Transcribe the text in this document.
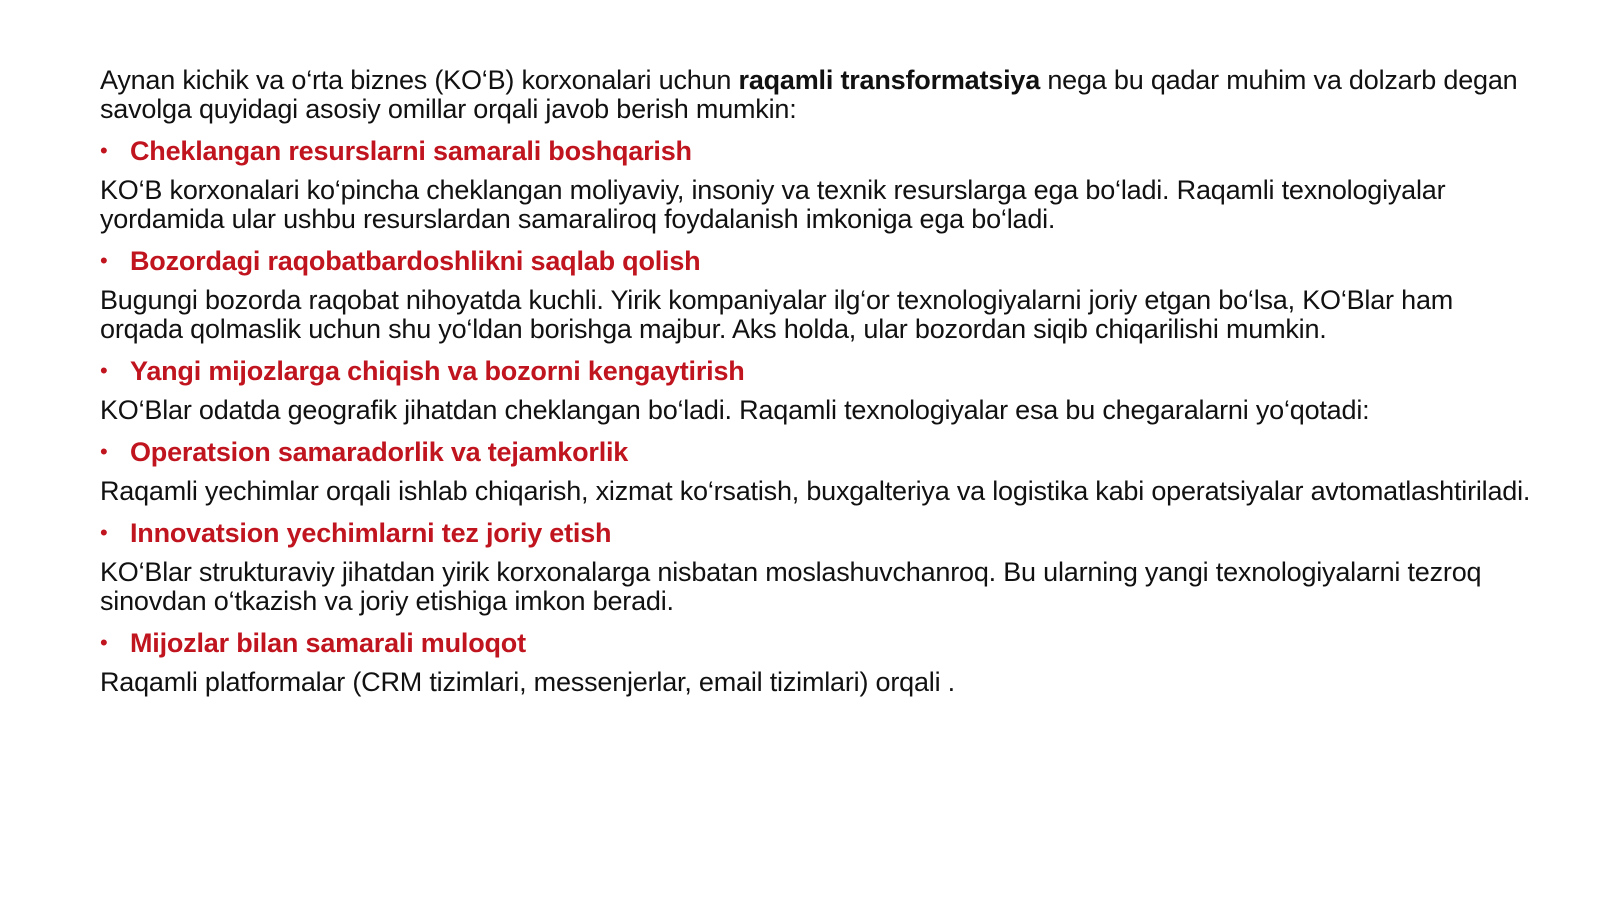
Aynan kichik va o‘rta biznes (KO‘B) korxonalari uchun raqamli transformatsiya nega bu qadar muhim va dolzarb degan savolga quyidagi asosiy omillar orqali javob berish mumkin:

• Cheklangan resurslarni samarali boshqarish

KO‘B korxonalari ko‘pincha cheklangan moliyaviy, insoniy va texnik resurslarga ega bo‘ladi. Raqamli texnologiyalar yordamida ular ushbu resurslardan samaraliroq foydalanish imkoniga ega bo‘ladi.

• Bozordagi raqobatbardoshlikni saqlab qolish

Bugungi bozorda raqobat nihoyatda kuchli. Yirik kompaniyalar ilg‘or texnologiyalarni joriy etgan bo‘lsa, KO‘Blar ham orqada qolmaslik uchun shu yo‘ldan borishga majbur. Aks holda, ular bozordan siqib chiqarilishi mumkin.

• Yangi mijozlarga chiqish va bozorni kengaytirish

KO‘Blar odatda geografik jihatdan cheklangan bo‘ladi. Raqamli texnologiyalar esa bu chegaralarni yo‘qotadi:

• Operatsion samaradorlik va tejamkorlik

Raqamli yechimlar orqali ishlab chiqarish, xizmat ko‘rsatish, buxgalteriya va logistika kabi operatsiyalar avtomatlashtiriladi.

• Innovatsion yechimlarni tez joriy etish

KO‘Blar strukturaviy jihatdan yirik korxonalarga nisbatan moslashuvchanroq. Bu ularning yangi texnologiyalarni tezroq sinovdan o‘tkazish va joriy etishiga imkon beradi.

• Mijozlar bilan samarali muloqot

Raqamli platformalar (CRM tizimlari, messenjerlar, email tizimlari) orqali .
